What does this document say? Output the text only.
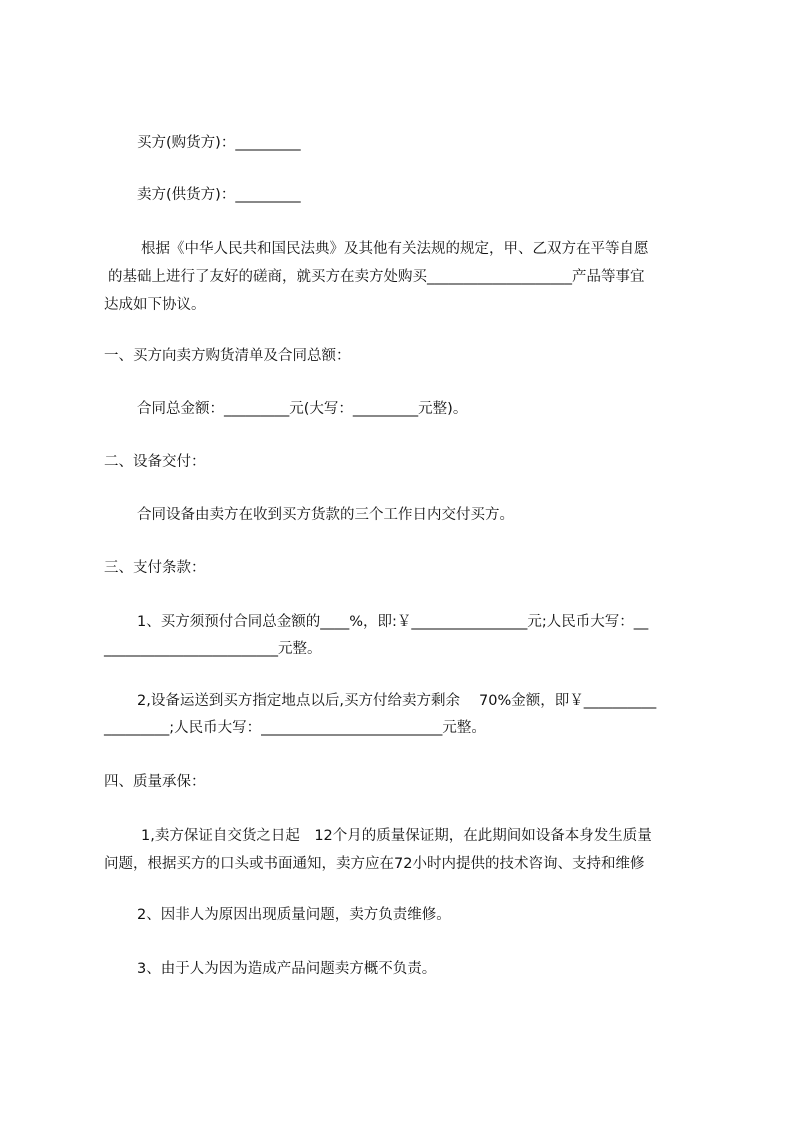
买方(购货方)：_________
卖方(供货方)：_________
根据《中华人民共和国民法典》及其他有关法规的规定，甲、乙双方在平等自愿
的基础上进行了友好的磋商，就买方在卖方处购买____________________产品等事宜
达成如下协议。
一、买方向卖方购货清单及合同总额：
合同总金额：_________元(大写：_________元整)。
二、设备交付：
合同设备由卖方在收到买方货款的三个工作日内交付买方。
三、支付条款：
1、买方须预付合同总金额的____%，即:￥________________元;人民币大写：__
________________________元整。
2,设备运送到买方指定地点以后,买方付给卖方剩余　 70%金额，即￥__________
_________;人民币大写：_________________________元整。
四、质量承保：
1,卖方保证自交货之日起　12个月的质量保证期，在此期间如设备本身发生质量
问题，根据买方的口头或书面通知，卖方应在72小时内提供的技术咨询、支持和维修
2、因非人为原因出现质量问题，卖方负责维修。
3、由于人为因为造成产品问题卖方概不负责。
